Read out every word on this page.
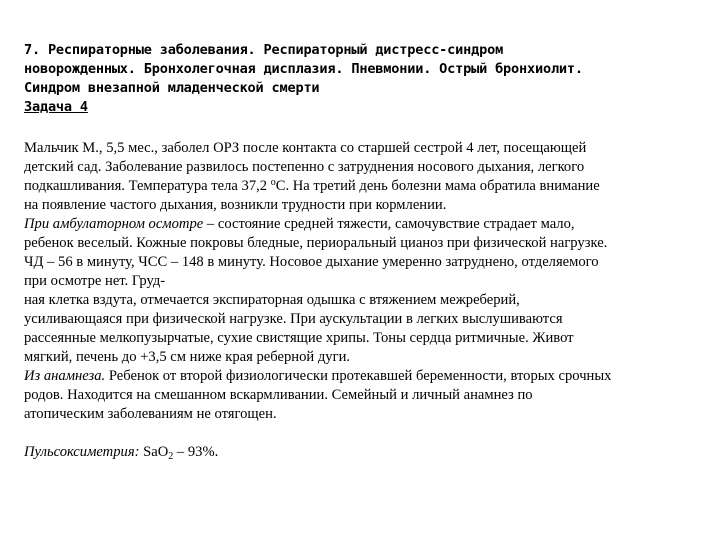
7. Респираторные заболевания. Респираторный дистресс-синдром
новорожденных. Бронхолегочная дисплазия. Пневмонии. Острый бронхиолит.
Синдром внезапной младенческой смерти
Задача 4
Мальчик М., 5,5 мес., заболел ОРЗ после контакта со старшей сестрой 4 лет, посещающей
детский сад. Заболевание развилось постепенно с затруднения носового дыхания, легкого
подкашливания. Температура тела 37,2 $^о$С. На третий день болезни мама обратила внимание
на появление частого дыхания, возникли трудности при кормлении.
При амбулаторном осмотре – состояние средней тяжести, самочувствие страдает мало,
ребенок веселый. Кожные покровы бледные, периоральный цианоз при физической нагрузке.
ЧД – 56 в минуту, ЧСС – 148 в минуту. Носовое дыхание умеренно затруднено, отделяемого
при осмотре нет. Груд-
ная клетка вздута, отмечается экспираторная одышка с втяжением межреберий,
усиливающаяся при физической нагрузке. При аускультации в легких выслушиваются
рассеянные мелкопузырчатые, сухие свистящие хрипы. Тоны сердца ритмичные. Живот
мягкий, печень до +3,5 см ниже края реберной дуги.
Из анамнеза. Ребенок от второй физиологически протекавшей беременности, вторых срочных
родов. Находится на смешанном вскармливании. Семейный и личный анамнез по
атопическим заболеваниям не отягощен.
Пульсоксиметрия: SaO$_2$ – 93%.
